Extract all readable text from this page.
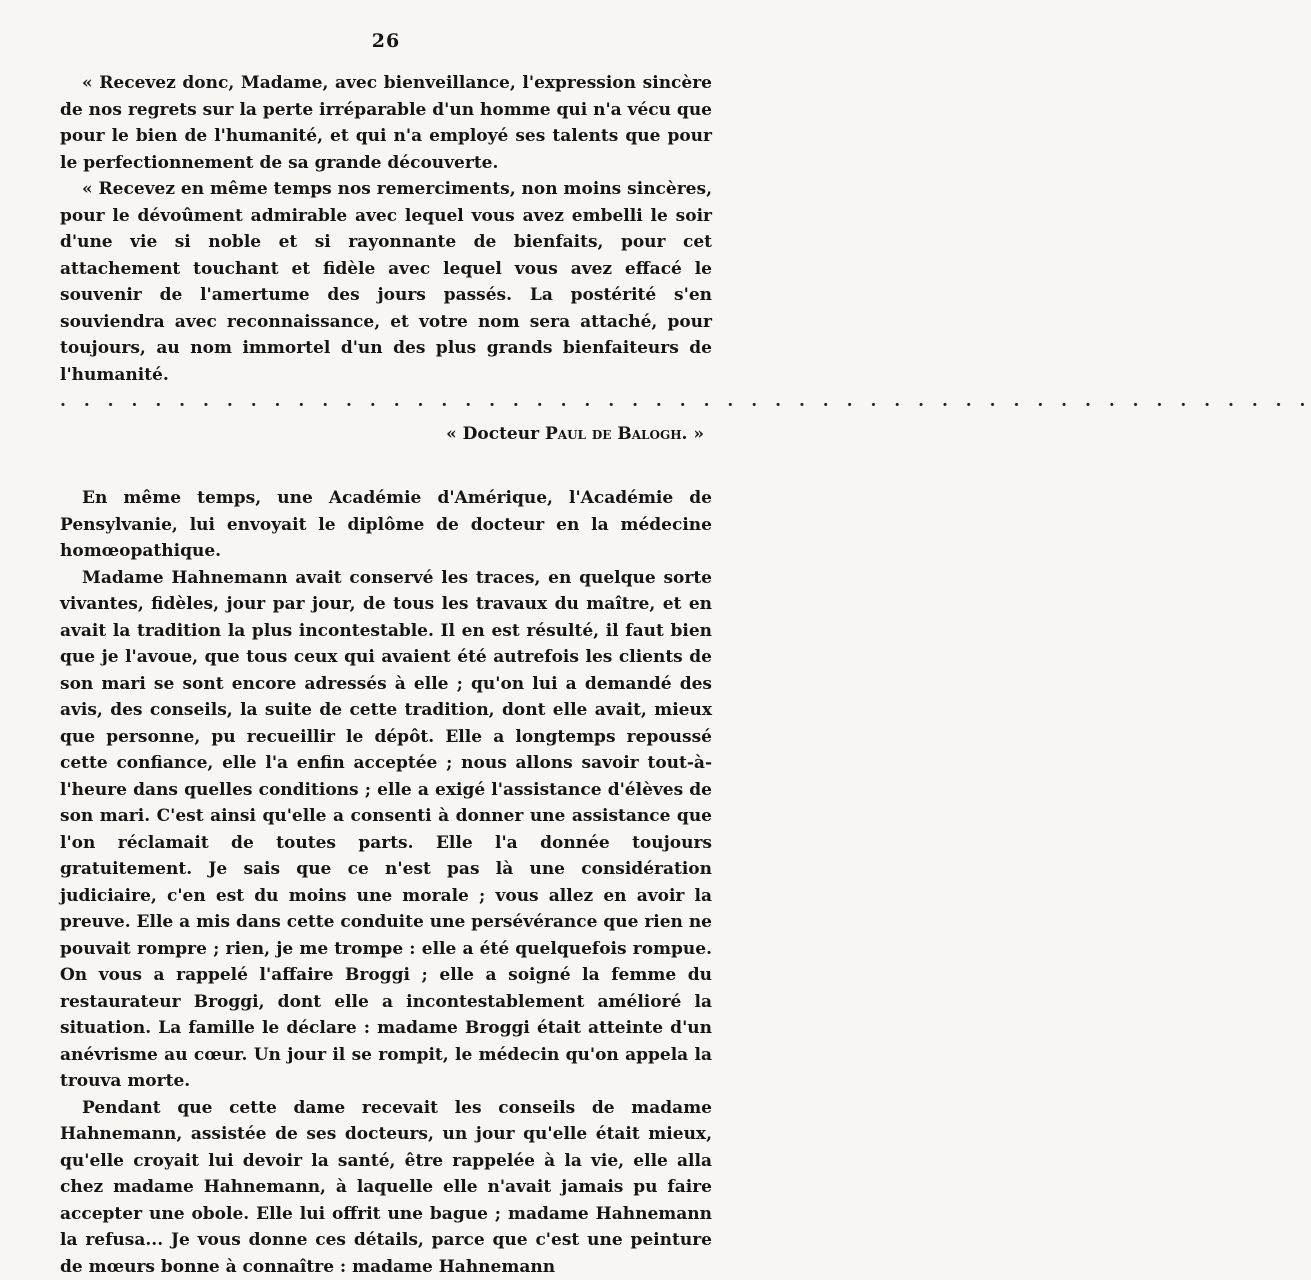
26

« Recevez donc, Madame, avec bienveillance, l'expression sincère de nos regrets sur la perte irréparable d'un homme qui n'a vécu que pour le bien de l'humanité, et qui n'a employé ses talents que pour le perfectionnement de sa grande découverte.

« Recevez en même temps nos remerciments, non moins sincères, pour le dévoûment admirable avec lequel vous avez embelli le soir d'une vie si noble et si rayonnante de bienfaits, pour cet attachement touchant et fidèle avec lequel vous avez effacé le souvenir de l'amertume des jours passés. La postérité s'en souviendra avec reconnaissance, et votre nom sera attaché, pour toujours, au nom immortel d'un des plus grands bienfaiteurs de l'humanité.

. . . . . . . . . . . . . . . . . . . . . . . . . . . . . . . . . . . . . . . . . . . . . . . . . . . . .
« Docteur Paul de Balogh. »

En même temps, une Académie d'Amérique, l'Académie de Pensylvanie, lui envoyait le diplôme de docteur en la médecine homœopathique.

Madame Hahnemann avait conservé les traces, en quelque sorte vivantes, fidèles, jour par jour, de tous les travaux du maître, et en avait la tradition la plus incontestable. Il en est résulté, il faut bien que je l'avoue, que tous ceux qui avaient été autrefois les clients de son mari se sont encore adressés à elle ; qu'on lui a demandé des avis, des conseils, la suite de cette tradition, dont elle avait, mieux que personne, pu recueillir le dépôt. Elle a longtemps repoussé cette confiance, elle l'a enfin acceptée ; nous allons savoir tout-à-l'heure dans quelles conditions ; elle a exigé l'assistance d'élèves de son mari. C'est ainsi qu'elle a consenti à donner une assistance que l'on réclamait de toutes parts. Elle l'a donnée toujours gratuitement. Je sais que ce n'est pas là une considération judiciaire, c'en est du moins une morale ; vous allez en avoir la preuve. Elle a mis dans cette conduite une persévérance que rien ne pouvait rompre ; rien, je me trompe : elle a été quelquefois rompue. On vous a rappelé l'affaire Broggi ; elle a soigné la femme du restaurateur Broggi, dont elle a incontestablement amélioré la situation. La famille le déclare : madame Broggi était atteinte d'un anévrisme au cœur. Un jour il se rompit, le médecin qu'on appela la trouva morte.

Pendant que cette dame recevait les conseils de madame Hahnemann, assistée de ses docteurs, un jour qu'elle était mieux, qu'elle croyait lui devoir la santé, être rappelée à la vie, elle alla chez madame Hahnemann, à laquelle elle n'avait jamais pu faire accepter une obole. Elle lui offrit une bague ; madame Hahnemann la refusa... Je vous donne ces détails, parce que c'est une peinture de mœurs bonne à connaître : madame Hahnemann
